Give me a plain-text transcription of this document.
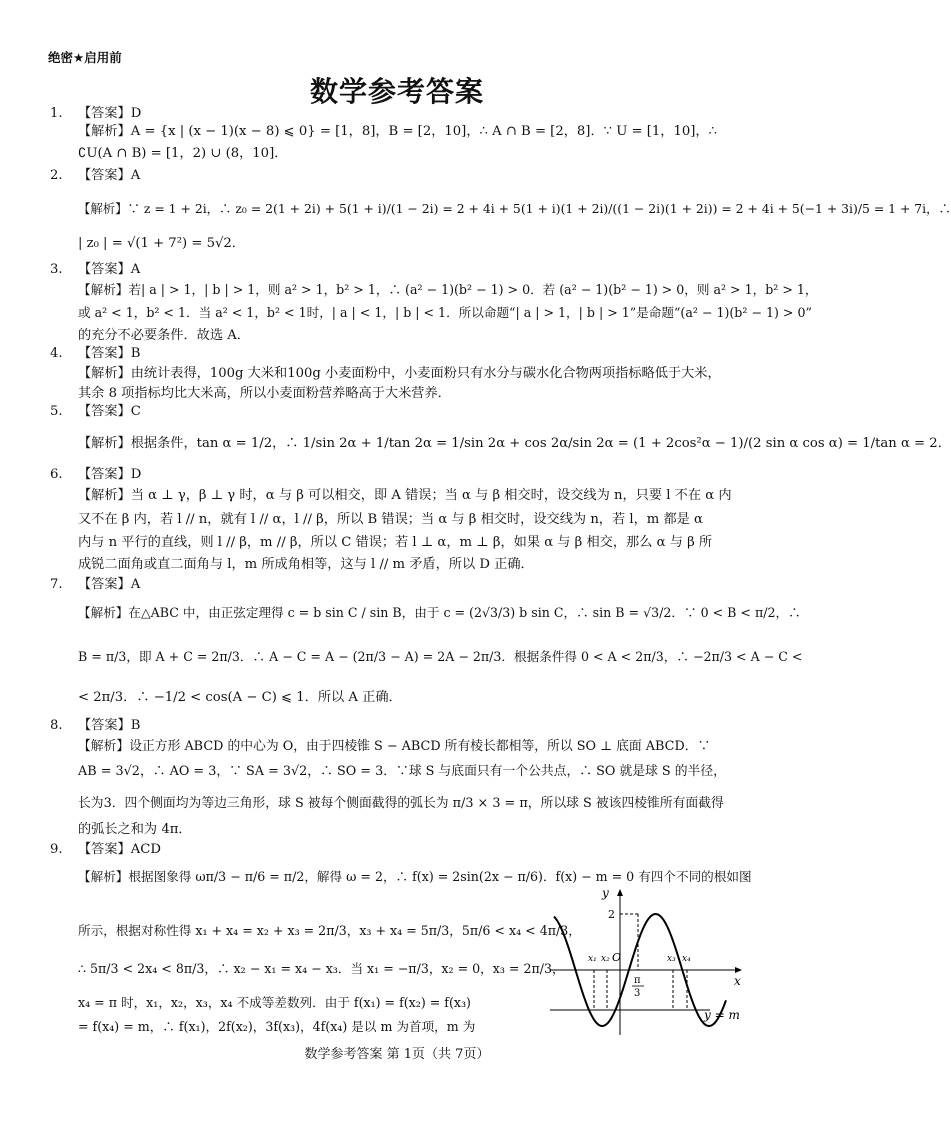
绝密★启用前
数学参考答案
1. 【答案】D
【解析】A = {x | (x − 1)(x − 8) ⩽ 0} = [1，8]，B = [2，10]，∴ A ∩ B = [2，8]．∵ U = [1，10]，∴
∁U(A ∩ B) = [1，2) ∪ (8，10]．
2. 【答案】A
【解析】∵ z = 1 + 2i，∴ z₀ = 2(1 + 2i) + 5(1 + i)/(1 − 2i) = 2 + 4i + 5(1 + i)(1 + 2i)/((1 − 2i)(1 + 2i)) = 2 + 4i + 5(−1 + 3i)/5 = 1 + 7i，∴
| z₀ | = √(1 + 7²) = 5√2．
3. 【答案】A
【解析】若| a | > 1，| b | > 1，则 a² > 1，b² > 1，∴ (a² − 1)(b² − 1) > 0．若 (a² − 1)(b² − 1) > 0，则 a² > 1，b² > 1，
或 a² < 1，b² < 1．当 a² < 1，b² < 1时，| a | < 1，| b | < 1．所以命题“| a | > 1，| b | > 1”是命题“(a² − 1)(b² − 1) > 0”
的充分不必要条件．故选 A．
4. 【答案】B
【解析】由统计表得，100g 大米和100g 小麦面粉中，小麦面粉只有水分与碳水化合物两项指标略低于大米，
其余 8 项指标均比大米高，所以小麦面粉营养略高于大米营养．
5. 【答案】C
【解析】根据条件，tan α = 1/2，∴ 1/sin 2α + 1/tan 2α = 1/sin 2α + cos 2α/sin 2α = (1 + 2cos²α − 1)/(2 sin α cos α) = 1/tan α = 2．
6. 【答案】D
【解析】当 α ⊥ γ，β ⊥ γ 时，α 与 β 可以相交，即 A 错误；当 α 与 β 相交时，设交线为 n，只要 l 不在 α 内
又不在 β 内，若 l // n，就有 l // α，l // β，所以 B 错误；当 α 与 β 相交时，设交线为 n，若 l，m 都是 α
内与 n 平行的直线，则 l // β，m // β，所以 C 错误；若 l ⊥ α，m ⊥ β，如果 α 与 β 相交，那么 α 与 β 所
成锐二面角或直二面角与 l，m 所成角相等，这与 l // m 矛盾，所以 D 正确．
7. 【答案】A
【解析】在△ABC 中，由正弦定理得 c = b sin C / sin B，由于 c = (2√3/3) b sin C，∴ sin B = √3/2．∵ 0 < B < π/2，∴
B = π/3，即 A + C = 2π/3．∴ A − C = A − (2π/3 − A) = 2A − 2π/3．根据条件得 0 < A < 2π/3，∴ −2π/3 < A − C <
< 2π/3．∴ −1/2 < cos(A − C) ⩽ 1．所以 A 正确．
8. 【答案】B
【解析】设正方形 ABCD 的中心为 O，由于四棱锥 S − ABCD 所有棱长都相等，所以 SO ⊥ 底面 ABCD．∵
AB = 3√2，∴ AO = 3，∵ SA = 3√2，∴ SO = 3．∵球 S 与底面只有一个公共点，∴ SO 就是球 S 的半径，
长为3．四个侧面均为等边三角形，球 S 被每个侧面截得的弧长为 π/3 × 3 = π，所以球 S 被该四棱锥所有面截得
的弧长之和为 4π．
9. 【答案】ACD
【解析】根据图象得 ωπ/3 − π/6 = π/2，解得 ω = 2，∴ f(x) = 2sin(2x − π/6)．f(x) − m = 0 有四个不同的根如图
所示，根据对称性得 x₁ + x₄ = x₂ + x₃ = 2π/3，x₃ + x₄ = 5π/3，5π/6 < x₄ < 4π/3，
∴ 5π/3 < 2x₄ < 8π/3，∴ x₂ − x₁ = x₄ − x₃．当 x₁ = −π/3，x₂ = 0，x₃ = 2π/3，
x₄ = π 时，x₁，x₂，x₃，x₄ 不成等差数列．由于 f(x₁) = f(x₂) = f(x₃)
= f(x₄) = m，∴ f(x₁)，2f(x₂)，3f(x₃)，4f(x₄) 是以 m 为首项，m 为
y
x
2
O
x₁ x₂	x₃ x₄
π
3
y = m
数学参考答案 第 1页（共 7页）
